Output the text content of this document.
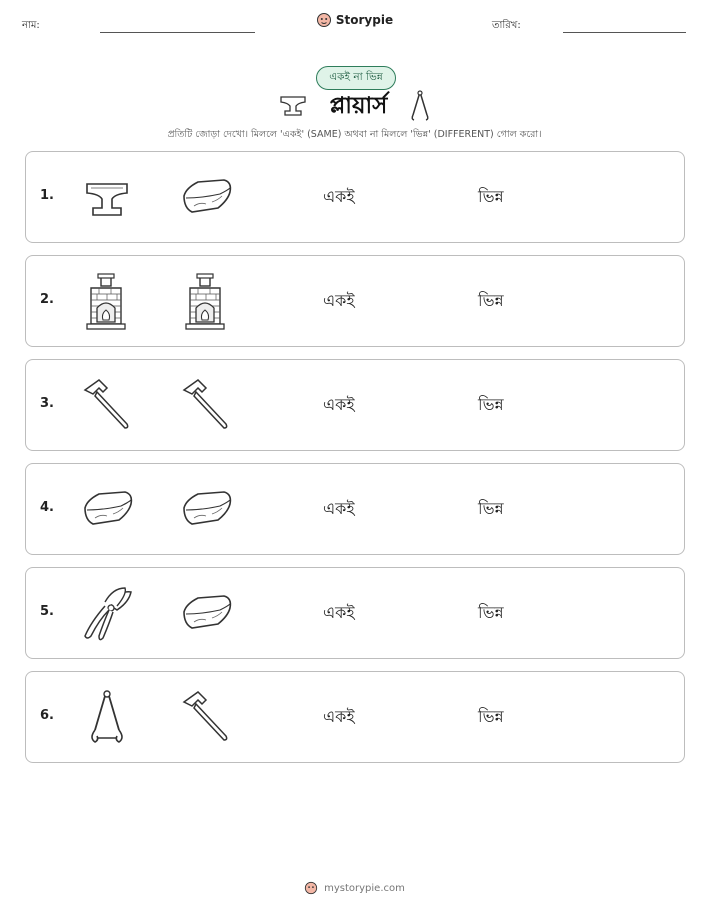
নাম:	Storypie	তারিখ:
একই না ভিন্ন
প্লায়ার্স
প্রতিটি জোড়া দেখো। মিললে 'একই' (SAME) অথবা না মিললে 'ভিন্ন' (DIFFERENT) গোল করো।
1.	একই	ভিন্ন
2.	একই	ভিন্ন
3.	একই	ভিন্ন
4.	একই	ভিন্ন
5.	একই	ভিন্ন
6.	একই	ভিন্ন
mystorypie.com
